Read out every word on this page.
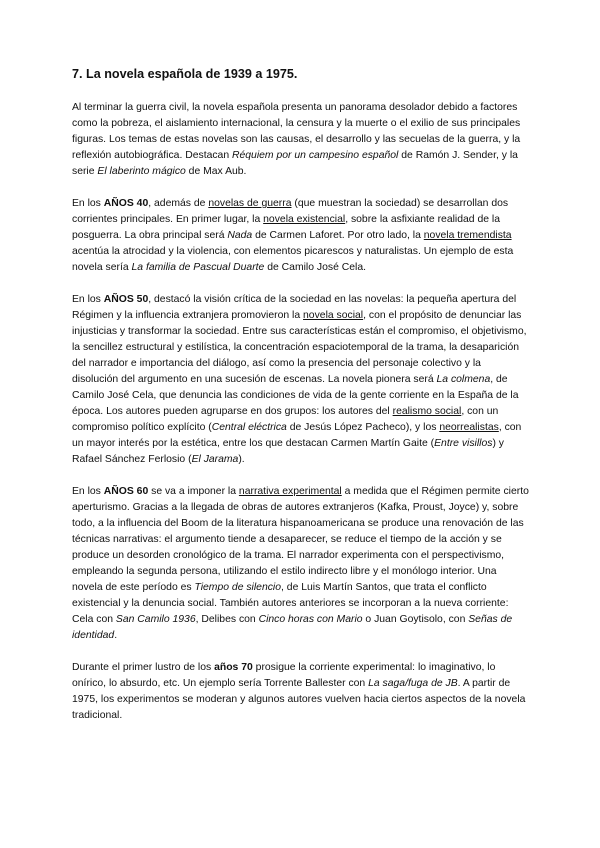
7. La novela española de 1939 a 1975.

Al terminar la guerra civil, la novela española presenta un panorama desolador debido a factores como la pobreza, el aislamiento internacional, la censura y la muerte o el exilio de sus principales figuras. Los temas de estas novelas son las causas, el desarrollo y las secuelas de la guerra, y la reflexión autobiográfica. Destacan Réquiem por un campesino español de Ramón J. Sender, y la serie El laberinto mágico de Max Aub.

En los AÑOS 40, además de novelas de guerra (que muestran la sociedad) se desarrollan dos corrientes principales. En primer lugar, la novela existencial, sobre la asfixiante realidad de la posguerra. La obra principal será Nada de Carmen Laforet. Por otro lado, la novela tremendista acentúa la atrocidad y la violencia, con elementos picarescos y naturalistas. Un ejemplo de esta novela sería La familia de Pascual Duarte de Camilo José Cela.

En los AÑOS 50, destacó la visión crítica de la sociedad en las novelas: la pequeña apertura del Régimen y la influencia extranjera promovieron la novela social, con el propósito de denunciar las injusticias y transformar la sociedad. Entre sus características están el compromiso, el objetivismo, la sencillez estructural y estilística, la concentración espaciotemporal de la trama, la desaparición del narrador e importancia del diálogo, así como la presencia del personaje colectivo y la disolución del argumento en una sucesión de escenas. La novela pionera será La colmena, de Camilo José Cela, que denuncia las condiciones de vida de la gente corriente en la España de la época. Los autores pueden agruparse en dos grupos: los autores del realismo social, con un compromiso político explícito (Central eléctrica de Jesús López Pacheco), y los neorrealistas, con un mayor interés por la estética, entre los que destacan Carmen Martín Gaite (Entre visillos) y Rafael Sánchez Ferlosio (El Jarama).

En los AÑOS 60 se va a imponer la narrativa experimental a medida que el Régimen permite cierto aperturismo. Gracias a la llegada de obras de autores extranjeros (Kafka, Proust, Joyce) y, sobre todo, a la influencia del Boom de la literatura hispanoamericana se produce una renovación de las técnicas narrativas: el argumento tiende a desaparecer, se reduce el tiempo de la acción y se produce un desorden cronológico de la trama. El narrador experimenta con el perspectivismo, empleando la segunda persona, utilizando el estilo indirecto libre y el monólogo interior. Una novela de este período es Tiempo de silencio, de Luis Martín Santos, que trata el conflicto existencial y la denuncia social. También autores anteriores se incorporan a la nueva corriente: Cela con San Camilo 1936, Delibes con Cinco horas con Mario o Juan Goytisolo, con Señas de identidad.

Durante el primer lustro de los años 70 prosigue la corriente experimental: lo imaginativo, lo onírico, lo absurdo, etc. Un ejemplo sería Torrente Ballester con La saga/fuga de JB. A partir de 1975, los experimentos se moderan y algunos autores vuelven hacia ciertos aspectos de la novela tradicional.
